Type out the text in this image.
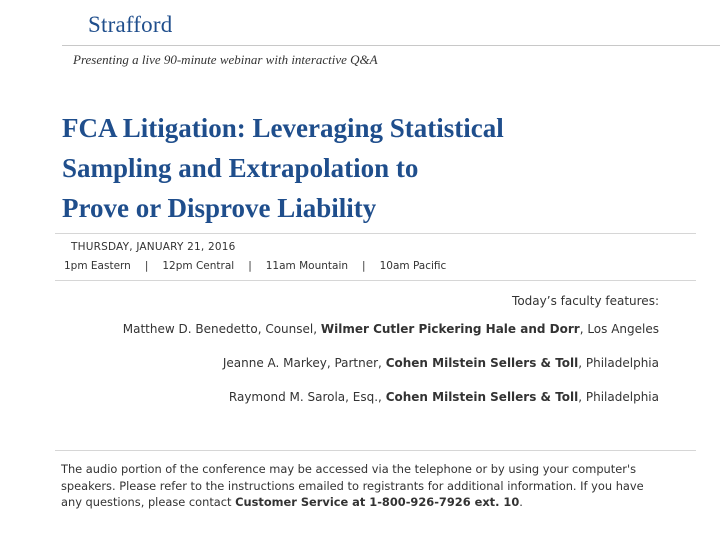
Strafford
Presenting a live 90-minute webinar with interactive Q&A
FCA Litigation: Leveraging Statistical
Sampling and Extrapolation to
Prove or Disprove Liability
THURSDAY, JANUARY 21, 2016
1pm Eastern | 12pm Central | 11am Mountain | 10am Pacific
Today’s faculty features:
Matthew D. Benedetto, Counsel, Wilmer Cutler Pickering Hale and Dorr, Los Angeles
Jeanne A. Markey, Partner, Cohen Milstein Sellers & Toll, Philadelphia
Raymond M. Sarola, Esq., Cohen Milstein Sellers & Toll, Philadelphia
The audio portion of the conference may be accessed via the telephone or by using your computer's speakers. Please refer to the instructions emailed to registrants for additional information. If you have any questions, please contact Customer Service at 1-800-926-7926 ext. 10.
